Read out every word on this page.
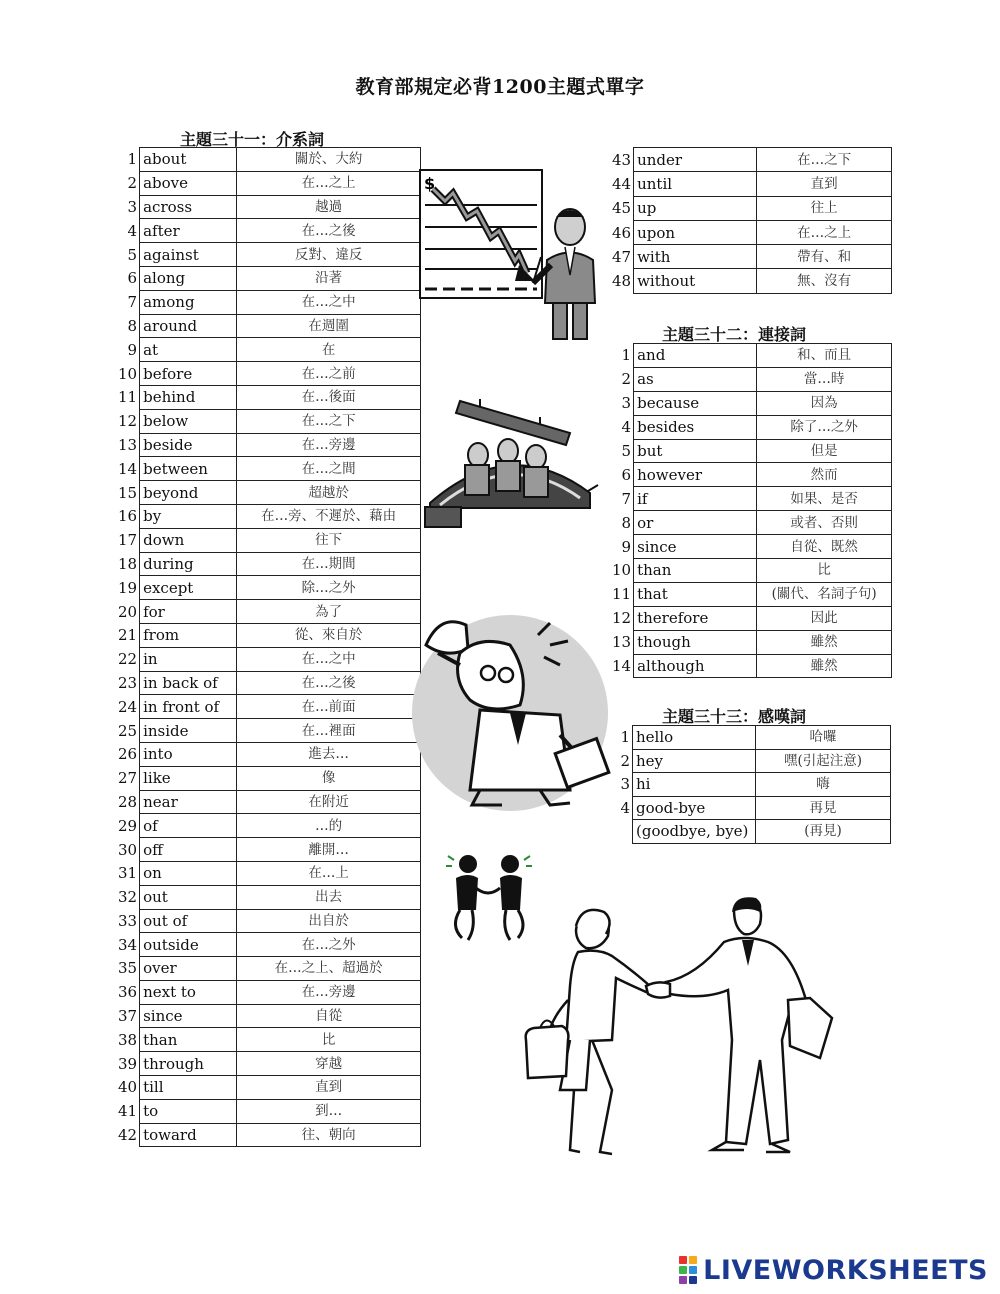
教育部規定必背1200主題式單字
主題三十一：介系詞
主題三十二：連接詞
主題三十三：感嘆詞
1	about	關於、大約
2	above	在…之上
3	across	越過
4	after	在…之後
5	against	反對、違反
6	along	沿著
7	among	在…之中
8	around	在週圍
9	at	在
10	before	在…之前
11	behind	在…後面
12	below	在…之下
13	beside	在…旁邊
14	between	在…之間
15	beyond	超越於
16	by	在…旁、不遲於、藉由
17	down	往下
18	during	在…期間
19	except	除…之外
20	for	為了
21	from	從、來自於
22	in	在…之中
23	in back of	在…之後
24	in front of	在…前面
25	inside	在…裡面
26	into	進去…
27	like	像
28	near	在附近
29	of	…的
30	off	離開…
31	on	在…上
32	out	出去
33	out of	出自於
34	outside	在…之外
35	over	在…之上、超過於
36	next to	在…旁邊
37	since	自從
38	than	比
39	through	穿越
40	till	直到
41	to	到…
42	toward	往、朝向
43	under	在…之下
44	until	直到
45	up	往上
46	upon	在…之上
47	with	帶有、和
48	without	無、沒有
1	and	和、而且
2	as	當…時
3	because	因為
4	besides	除了…之外
5	but	但是
6	however	然而
7	if	如果、是否
8	or	或者、否則
9	since	自從、既然
10	than	比
11	that	(關代、名詞子句)
12	therefore	因此
13	though	雖然
14	although	雖然
1	hello	哈囉
2	hey	嘿(引起注意)
3	hi	嗨
4	good-bye	再見
	(goodbye, bye)	(再見)
$
LIVEWORKSHEETS
